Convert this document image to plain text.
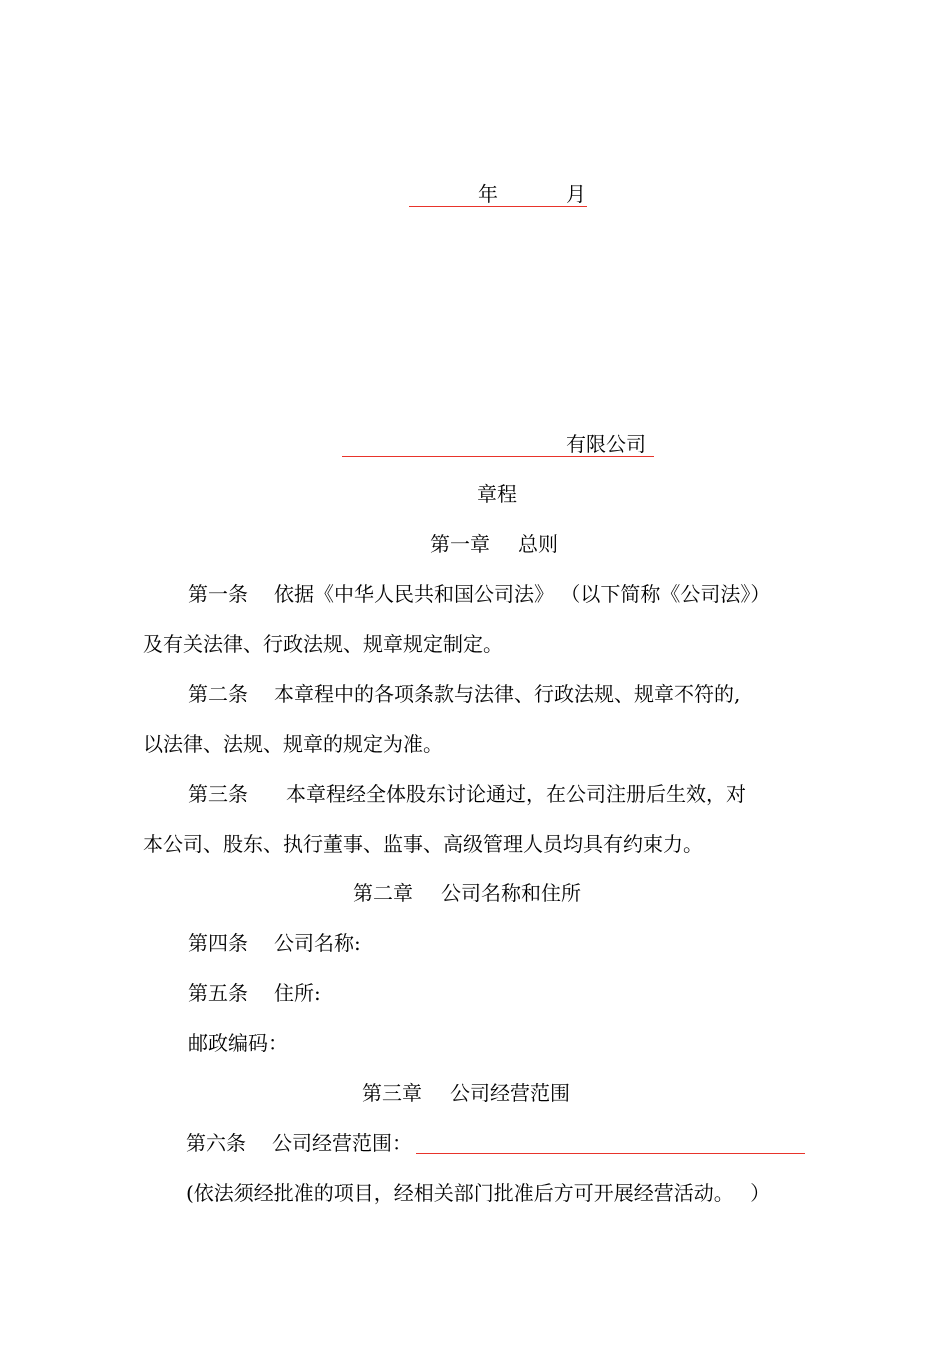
年	月
有限公司
章程
第一章 总则
第一条 依据《中华人民共和国公司法》 （以下简称《公司法》）
及有关法律、行政法规、规章规定制定。
第二条 本章程中的各项条款与法律、行政法规、规章不符的,
以法律、法规、规章的规定为准。
第三条 本章程经全体股东讨论通过，在公司注册后生效，对
本公司、股东、执行董事、监事、高级管理人员均具有约束力。
第二章 公司名称和住所
第四条 公司名称:
第五条 住所:
邮政编码：
第三章 公司经营范围
第六条 公司经营范围：
(依法须经批准的项目，经相关部门批准后方可开展经营活动。　 ）
